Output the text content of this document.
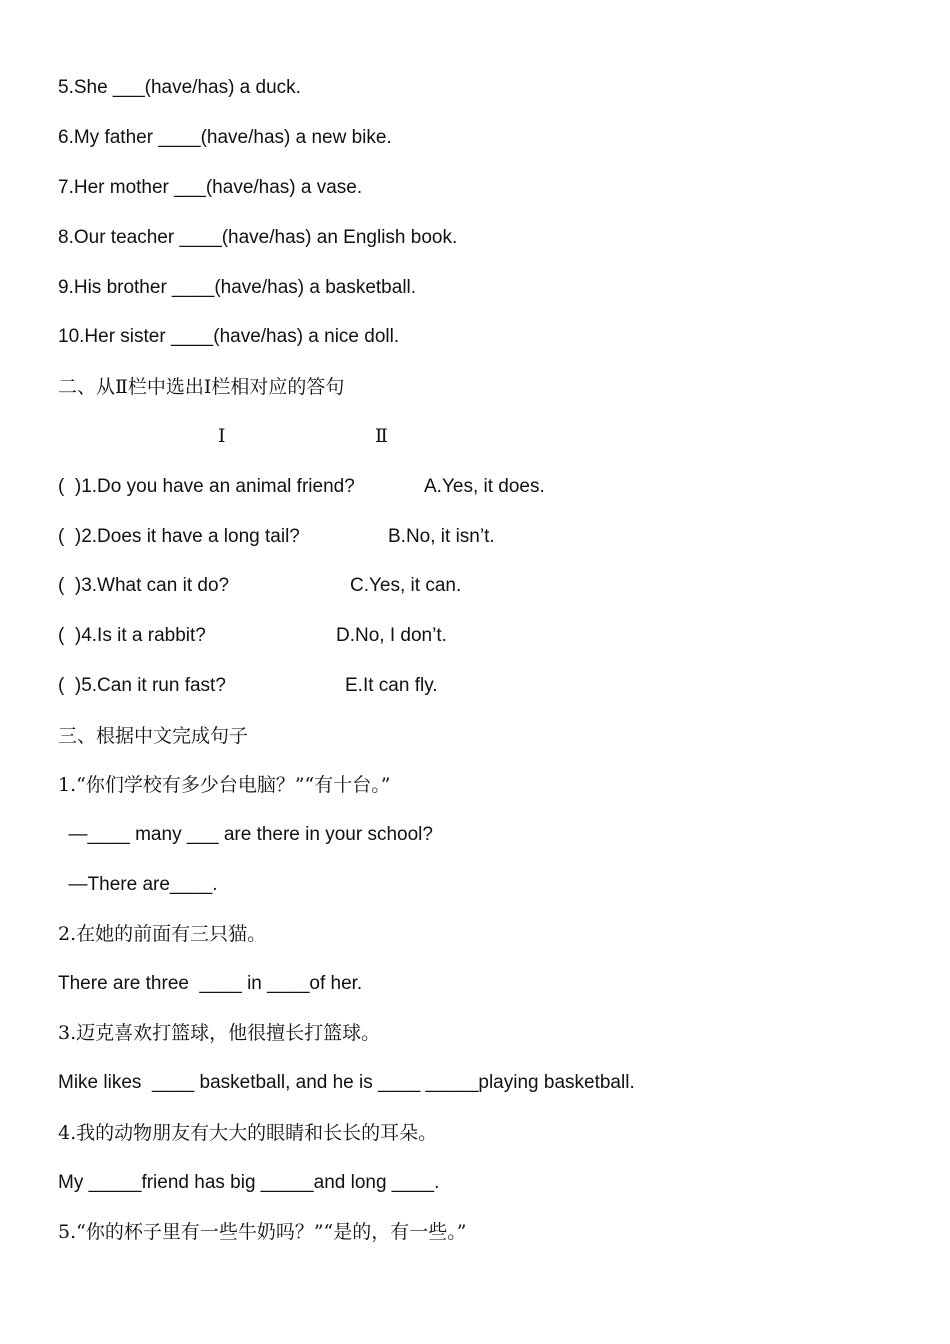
5.She ___(have/has) a duck.
6.My father ____(have/has) a new bike.
7.Her mother ___(have/has) a vase.
8.Our teacher ____(have/has) an English book.
9.His brother ____(have/has) a basketball.
10.Her sister ____(have/has) a nice doll.
二、从Ⅱ栏中选出Ⅰ栏相对应的答句
Ⅰ	Ⅱ
(  )1.Do you have an animal friend?	A.Yes, it does.
(  )2.Does it have a long tail?	B.No, it isn’t.
(  )3.What can it do?	C.Yes, it can.
(  )4.Is it a rabbit?	D.No, I don’t.
(  )5.Can it run fast?	E.It can fly.
三、根据中文完成句子
1.“你们学校有多少台电脑？”“有十台。”
—____ many ___ are there in your school?
—There are____.
2.在她的前面有三只猫。
There are three  ____ in ____of her.
3.迈克喜欢打篮球，他很擅长打篮球。
Mike likes  ____ basketball, and he is ____ _____playing basketball.
4.我的动物朋友有大大的眼睛和长长的耳朵。
My _____friend has big _____and long ____.
5.“你的杯子里有一些牛奶吗？”“是的，有一些。”
